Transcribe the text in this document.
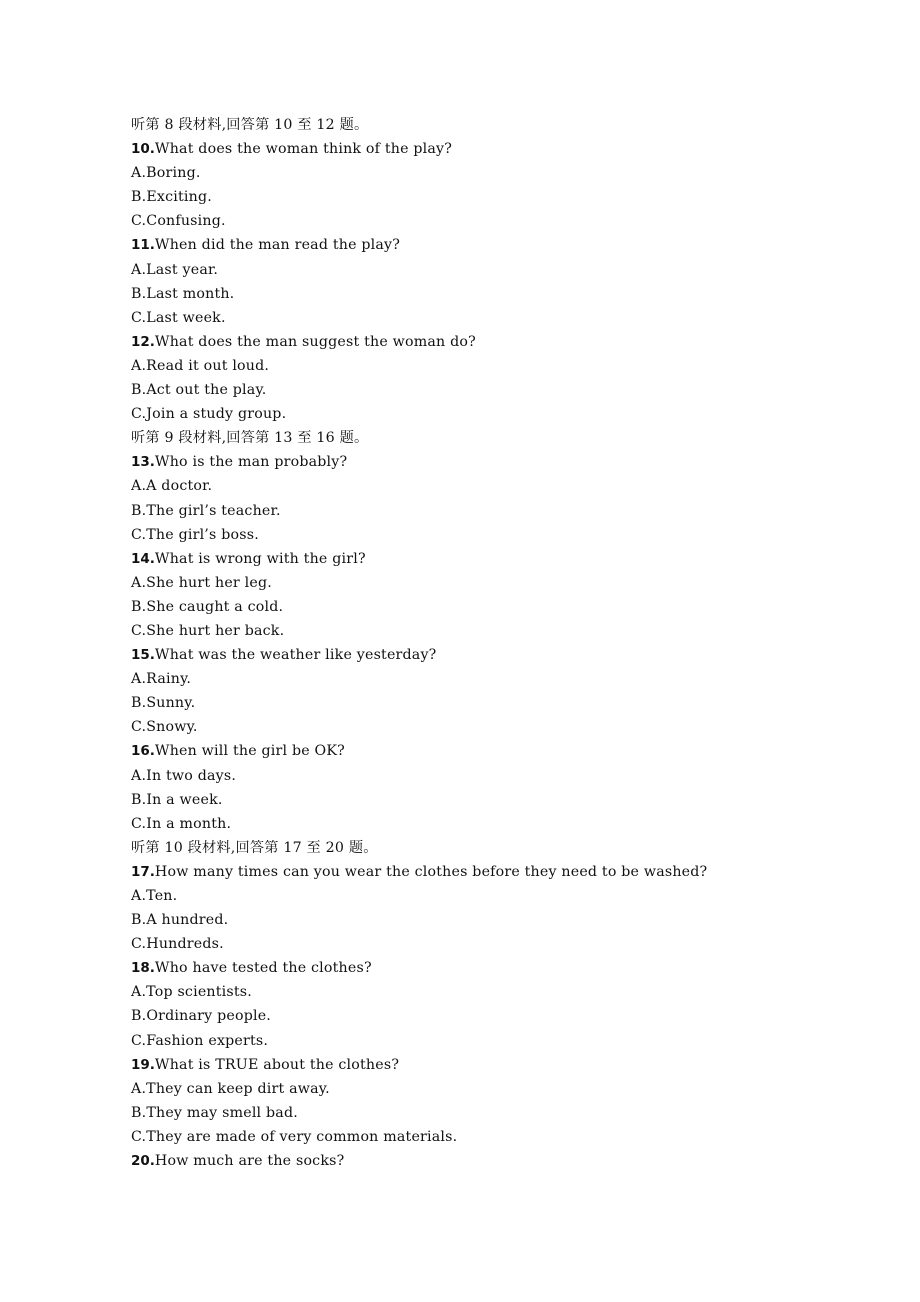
听第 8 段材料,回答第 10 至 12 题。
10.What does the woman think of the play?
A.Boring.
B.Exciting.
C.Confusing.
11.When did the man read the play?
A.Last year.
B.Last month.
C.Last week.
12.What does the man suggest the woman do?
A.Read it out loud.
B.Act out the play.
C.Join a study group.
听第 9 段材料,回答第 13 至 16 题。
13.Who is the man probably?
A.A doctor.
B.The girl’s teacher.
C.The girl’s boss.
14.What is wrong with the girl?
A.She hurt her leg.
B.She caught a cold.
C.She hurt her back.
15.What was the weather like yesterday?
A.Rainy.
B.Sunny.
C.Snowy.
16.When will the girl be OK?
A.In two days.
B.In a week.
C.In a month.
听第 10 段材料,回答第 17 至 20 题。
17.How many times can you wear the clothes before they need to be washed?
A.Ten.
B.A hundred.
C.Hundreds.
18.Who have tested the clothes?
A.Top scientists.
B.Ordinary people.
C.Fashion experts.
19.What is TRUE about the clothes?
A.They can keep dirt away.
B.They may smell bad.
C.They are made of very common materials.
20.How much are the socks?
